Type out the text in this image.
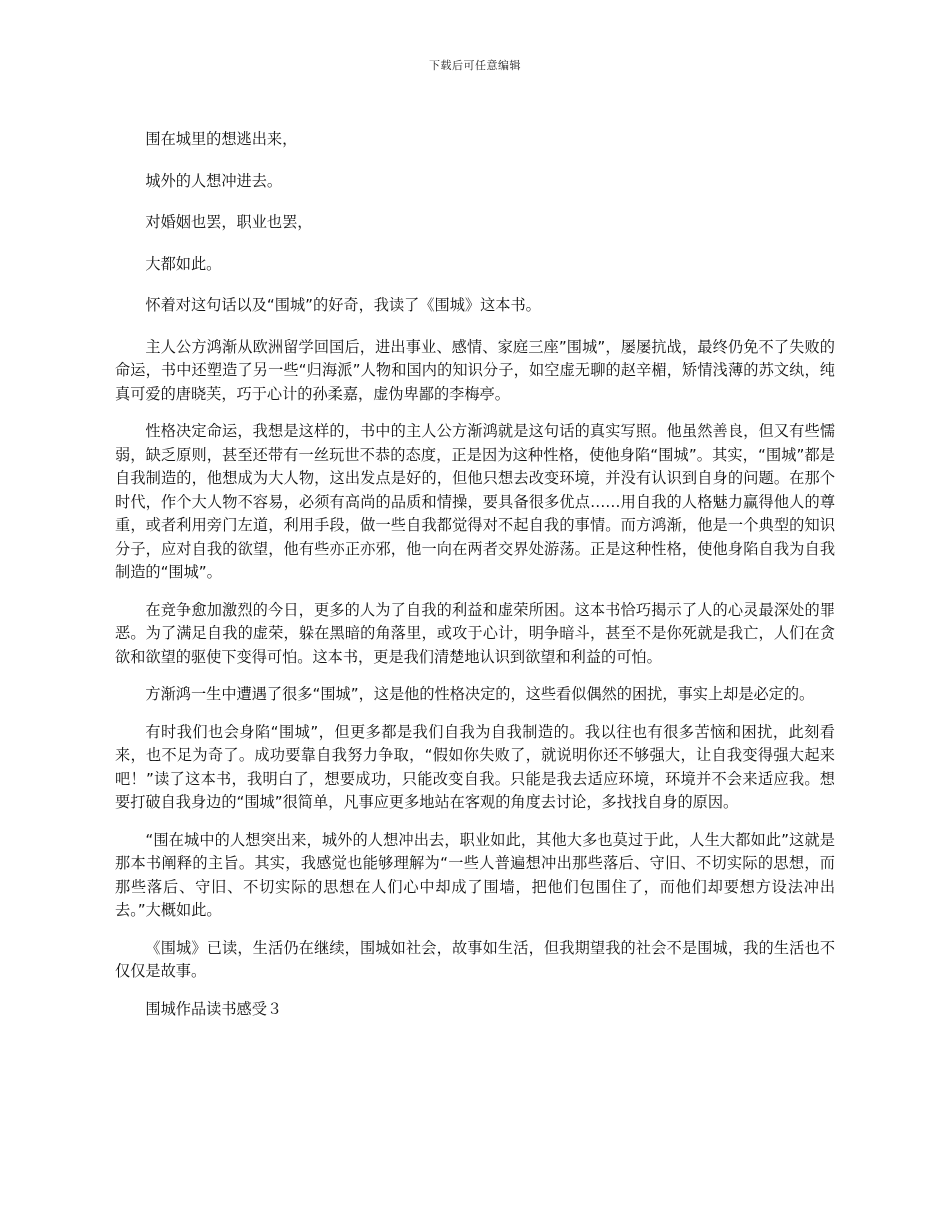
下载后可任意编辑

围在城里的想逃出来，

城外的人想冲进去。

对婚姻也罢，职业也罢，

大都如此。

怀着对这句话以及“围城”的好奇，我读了《围城》这本书。

主人公方鸿渐从欧洲留学回国后，进出事业、感情、家庭三座”围城”，屡屡抗战，最终仍免不了失败的命运，书中还塑造了另一些“归海派”人物和国内的知识分子，如空虚无聊的赵辛楣，矫情浅薄的苏文纨，纯真可爱的唐晓芙，巧于心计的孙柔嘉，虚伪卑鄙的李梅亭。

性格决定命运，我想是这样的，书中的主人公方渐鸿就是这句话的真实写照。他虽然善良，但又有些懦弱，缺乏原则，甚至还带有一丝玩世不恭的态度，正是因为这种性格，使他身陷“围城”。其实，“围城”都是自我制造的，他想成为大人物，这出发点是好的，但他只想去改变环境，并没有认识到自身的问题。在那个时代，作个大人物不容易，必须有高尚的品质和情操，要具备很多优点……用自我的人格魅力赢得他人的尊重，或者利用旁门左道，利用手段，做一些自我都觉得对不起自我的事情。而方鸿渐，他是一个典型的知识分子，应对自我的欲望，他有些亦正亦邪，他一向在两者交界处游荡。正是这种性格，使他身陷自我为自我制造的“围城”。

在竞争愈加激烈的今日，更多的人为了自我的利益和虚荣所困。这本书恰巧揭示了人的心灵最深处的罪恶。为了满足自我的虚荣，躲在黑暗的角落里，或攻于心计，明争暗斗，甚至不是你死就是我亡，人们在贪欲和欲望的驱使下变得可怕。这本书，更是我们清楚地认识到欲望和利益的可怕。

方渐鸿一生中遭遇了很多“围城”，这是他的性格决定的，这些看似偶然的困扰，事实上却是必定的。

有时我们也会身陷“围城”，但更多都是我们自我为自我制造的。我以往也有很多苦恼和困扰，此刻看来，也不足为奇了。成功要靠自我努力争取，“假如你失败了，就说明你还不够强大，让自我变得强大起来吧！”读了这本书，我明白了，想要成功，只能改变自我。只能是我去适应环境，环境并不会来适应我。想要打破自我身边的“围城”很简单，凡事应更多地站在客观的角度去讨论，多找找自身的原因。

“围在城中的人想突出来，城外的人想冲出去，职业如此，其他大多也莫过于此，人生大都如此”这就是那本书阐释的主旨。其实，我感觉也能够理解为“一些人普遍想冲出那些落后、守旧、不切实际的思想，而那些落后、守旧、不切实际的思想在人们心中却成了围墙，把他们包围住了，而他们却要想方设法冲出去。”大概如此。

《围城》已读，生活仍在继续，围城如社会，故事如生活，但我期望我的社会不是围城，我的生活也不仅仅是故事。

围城作品读书感受３
